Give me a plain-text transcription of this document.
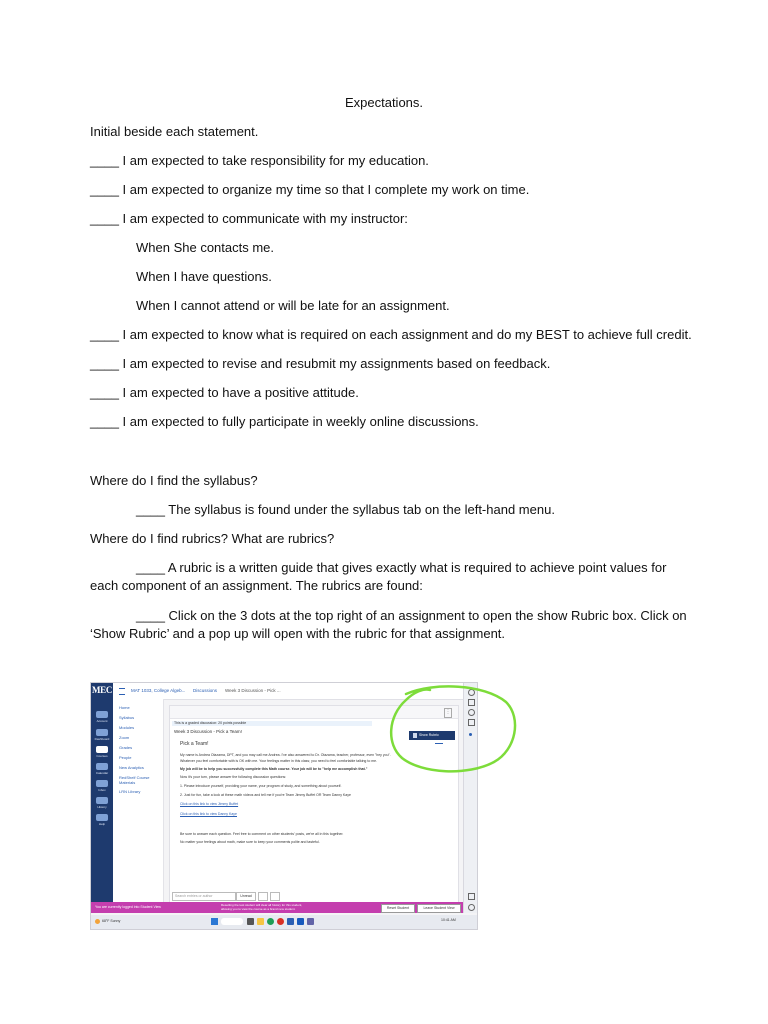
Expectations.
Initial beside each statement.
____ I am expected to take responsibility for my education.
____ I am expected to organize my time so that I complete my work on time.
____ I am expected to communicate with my instructor:
When She contacts me.
When I have questions.
When I cannot attend or will be late for an assignment.
____ I am expected to know what is required on each assignment and do my BEST to achieve full credit.
____ I am expected to revise and resubmit my assignments based on feedback.
____ I am expected to have a positive attitude.
____ I am expected to fully participate in weekly online discussions.
Where do I find the syllabus?
____ The syllabus is found under the syllabus tab on the left-hand menu.
Where do I find rubrics? What are rubrics?
____ A rubric is a written guide that gives exactly what is required to achieve point values for
each component of an assignment. The rubrics are found:
____ Click on the 3 dots at the top right of an assignment to open the show Rubric box. Click on
‘Show Rubric’ and a pop up will open with the rubric for that assignment.
MEC
Account
Dashboard
Courses
Calendar
Inbox
History
Help
MAT 1033, College Algeb... Discussions Week 3 Discussion - Pick ...
Home
Syllabus
Modules
Zoom
Grades
People
New Analytics
RedShelf Course Materials
LRN Library
⋮
This is a graded discussion: 20 points possible
Week 3 Discussion - Pick a Team!
Pick a Team!
My name is Andrea Olazama, DPT, and you may call me Andrea. I've also answered to Dr. Olazama, teacher, professor, even "hey you".
Whatever you feel comfortable with is OK with me. Your feelings matter in this class; you need to feel comfortable talking to me.
My job will be to help you successfully complete this Math course. Your job will be to "help me accomplish that."
Now it's your turn, please answer the following discussion questions:
1. Please introduce yourself, providing your name, your program of study, and something about yourself.
2. Just for fun, take a look at these math videos and tell me if you're Team Jimmy Buffet OR Team Danny Kaye
Click on this link to view Jimmy Buffet
Click on this link to view Danny Kaye
Be sure to answer each question. Feel free to comment on other students' posts, we're all in this together.
No matter your feelings about math, make sure to keep your comments polite and tasteful.
Search entries or author	Unread
Show Rubric
You are currently logged into Student View	Resetting the test student will clear all history for this student, allowing you to view the course as a brand new student.	Reset Student	Leave Student View
68°F Sunny	10:41 AM
